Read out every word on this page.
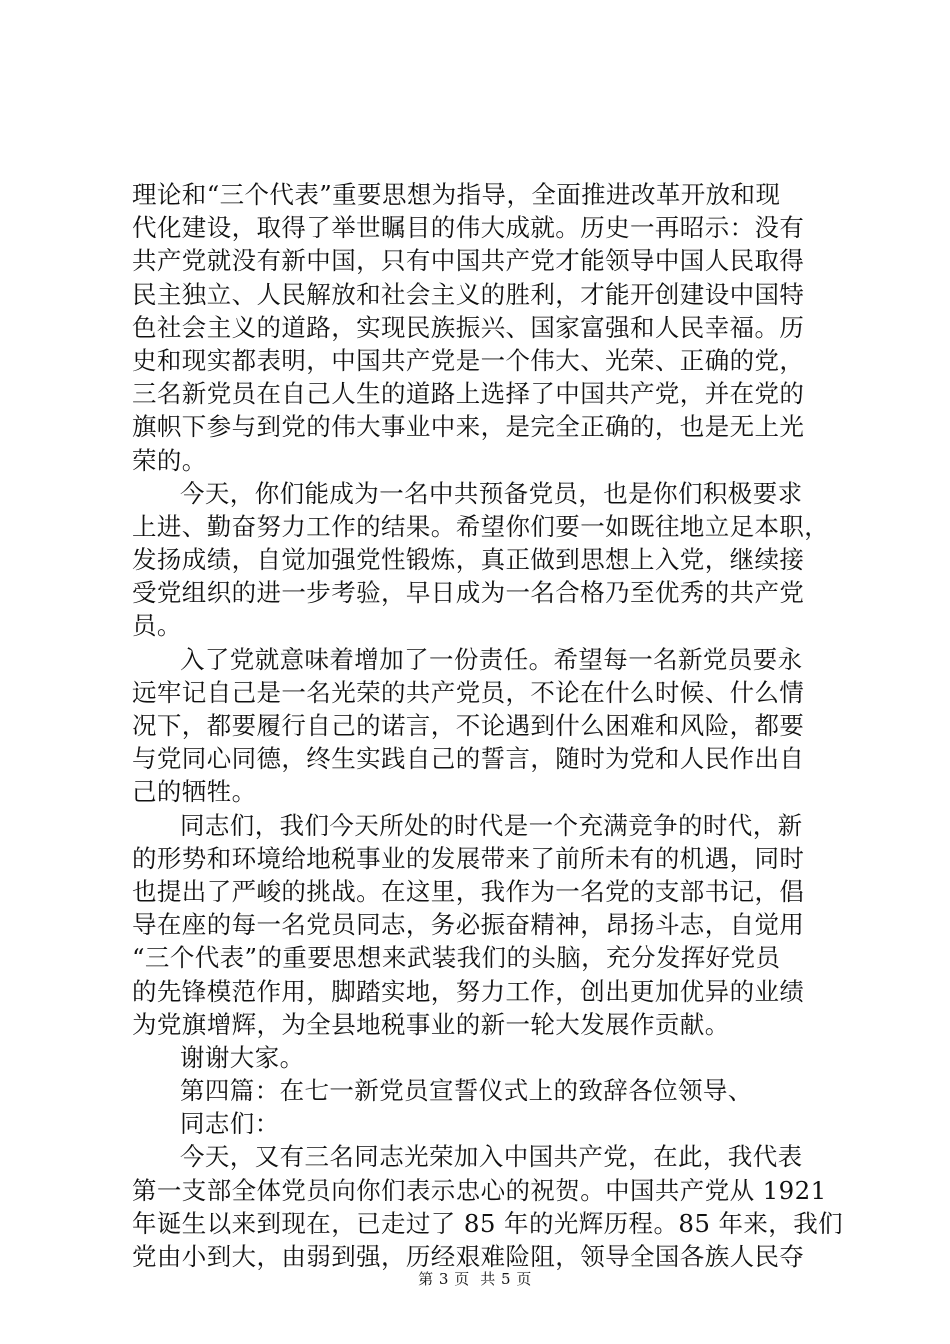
理论和“三个代表”重要思想为指导，全面推进改革开放和现
代化建设，取得了举世瞩目的伟大成就。历史一再昭示：没有
共产党就没有新中国，只有中国共产党才能领导中国人民取得
民主独立、人民解放和社会主义的胜利，才能开创建设中国特
色社会主义的道路，实现民族振兴、国家富强和人民幸福。历
史和现实都表明，中国共产党是一个伟大、光荣、正确的党，
三名新党员在自己人生的道路上选择了中国共产党，并在党的
旗帜下参与到党的伟大事业中来，是完全正确的，也是无上光
荣的。
今天，你们能成为一名中共预备党员，也是你们积极要求
上进、勤奋努力工作的结果。希望你们要一如既往地立足本职，
发扬成绩，自觉加强党性锻炼，真正做到思想上入党，继续接
受党组织的进一步考验，早日成为一名合格乃至优秀的共产党
员。
入了党就意味着增加了一份责任。希望每一名新党员要永
远牢记自己是一名光荣的共产党员，不论在什么时候、什么情
况下，都要履行自己的诺言，不论遇到什么困难和风险，都要
与党同心同德，终生实践自己的誓言，随时为党和人民作出自
己的牺牲。
同志们，我们今天所处的时代是一个充满竞争的时代，新
的形势和环境给地税事业的发展带来了前所未有的机遇，同时
也提出了严峻的挑战。在这里，我作为一名党的支部书记，倡
导在座的每一名党员同志，务必振奋精神，昂扬斗志，自觉用
“三个代表”的重要思想来武装我们的头脑，充分发挥好党员
的先锋模范作用，脚踏实地，努力工作，创出更加优异的业绩
为党旗增辉，为全县地税事业的新一轮大发展作贡献。
谢谢大家。
第四篇：在七一新党员宣誓仪式上的致辞各位领导、
同志们：
今天，又有三名同志光荣加入中国共产党，在此，我代表
第一支部全体党员向你们表示忠心的祝贺。中国共产党从 1921
年诞生以来到现在，已走过了 85 年的光辉历程。85 年来，我们
党由小到大，由弱到强，历经艰难险阻，领导全国各族人民夺
第 3 页  共 5 页
